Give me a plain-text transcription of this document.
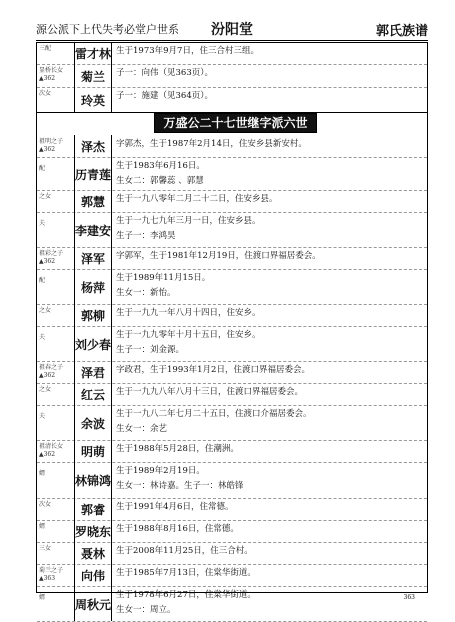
源公派下上代失考必堂户世系 汾阳堂	郭氏族谱
三配	雷才林 生于1973年9月7日，住三合村三组。
显桥长女
▲362	菊兰	子一：向伟（见363页）。
次女	玲英	子一：施建（见364页）。
祖明之子
▲362	泽杰	字郭杰，生于1987年2月14日，住安乡县新安村。
配	历青莲
生于1983年6月16日。
生女二：郭馨蕊 、郭慧
之女	郭慧	生于一九八零年二月二十二日，住安乡县。
夫	李建安
生于一九七九年三月一日，住安乡县。
生子一：李鸿昊
祖彩之子
▲362	泽军	字郭军，生于1981年12月19日，住渡口界福居委会。
配	杨萍
生于1989年11月15日。
生女一：新怡。
之女	郭柳	生于一九九一年八月十四日，住安乡。
夫	刘少春
生于一九九零年十月十五日，住安乡。
生子一：刘金源。
祖春之子
▲362	泽君	字政君，生于1993年1月2日，住渡口界福居委会。
之女	红云	生于一九九八年八月十三日，住渡口界福居委会。
夫	余波
生于一九八二年七月二十五日，住渡口介福居委会。
生女一：余艺
祖清长女
▲362	明萌	生于1988年5月28日，住潮洲。
婿
林锦鸿
生于1989年2月19日。
生女一：林诗嘉。生子一：林皓锋
次女	郭睿	生于1991年4月6日，住常德。
婿	罗晓东 生于1988年8月16日，住常德。
三女	聂林	生于2008年11月25日，住三合村。
菊兰之子
▲363	向伟	生于1985年7月13日，住棠华街道。
婿	周秋元
生于1978年6月27日，住棠华街道。
生女一：周立。
万盛公二十七世继字派六世
363
